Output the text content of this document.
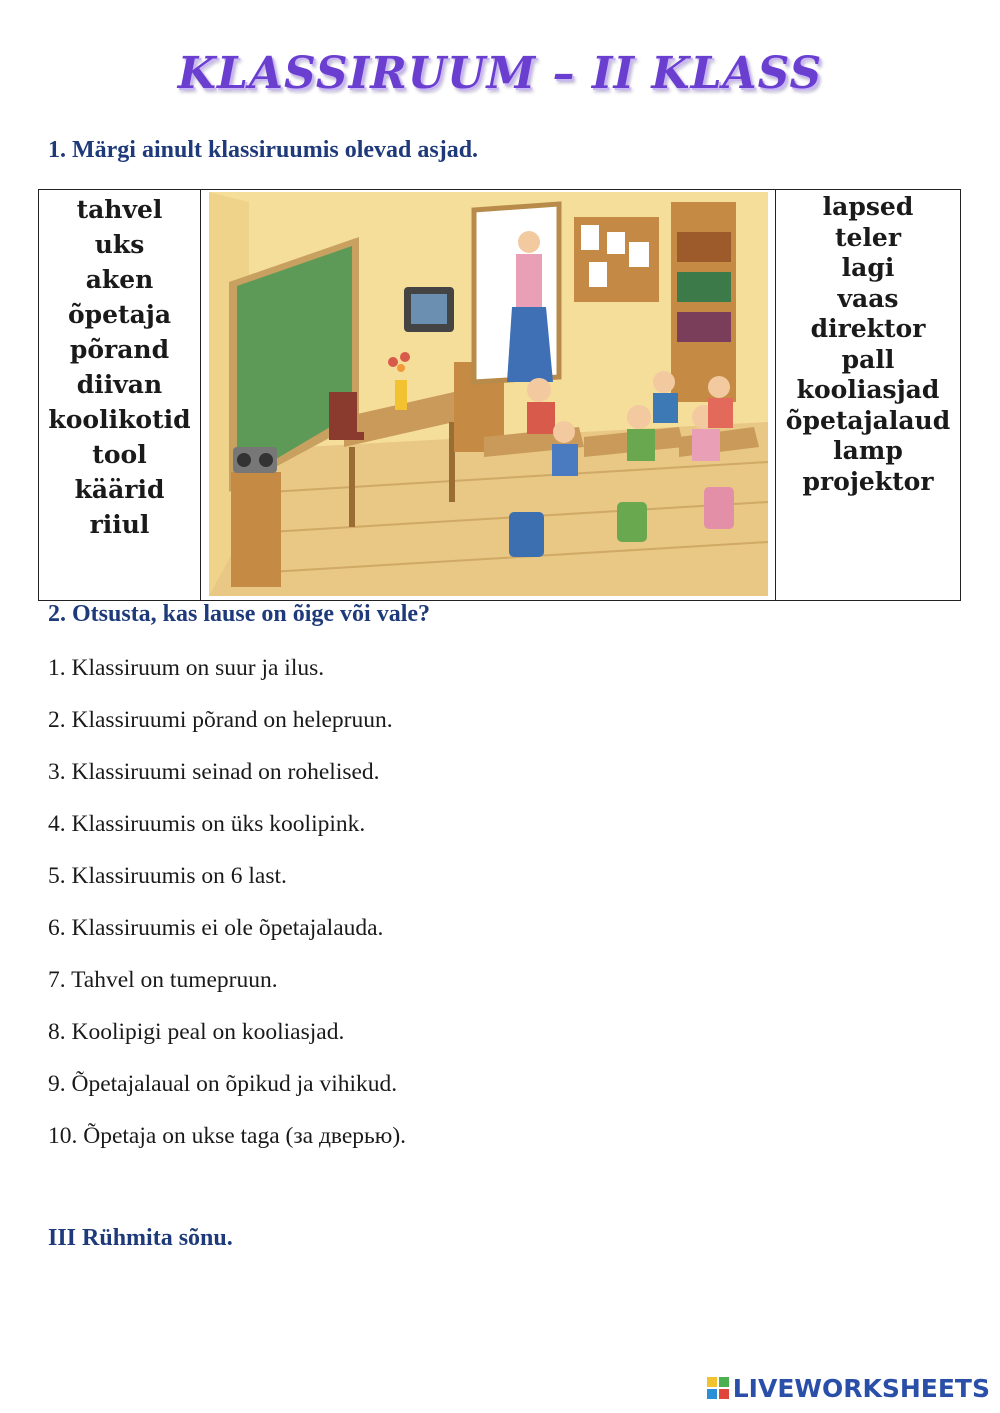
KLASSIRUUM – II KLASS
1. Märgi ainult klassiruumis olevad asjad.
tahvel
uks
aken
õpetaja
põrand
diivan
koolikotid
tool
käärid
riiul
lapsed
teler
lagi
vaas
direktor
pall
kooliasjad
õpetajalaud
lamp
projektor
2. Otsusta, kas lause on õige või vale?
1. Klassiruum on suur ja ilus.
2. Klassiruumi põrand on helepruun.
3. Klassiruumi seinad on rohelised.
4. Klassiruumis on üks koolipink.
5. Klassiruumis on 6 last.
6. Klassiruumis ei ole õpetajalauda.
7. Tahvel on tumepruun.
8. Koolipigi peal on kooliasjad.
9. Õpetajalaual on õpikud ja vihikud.
10. Õpetaja on ukse taga (за дверью).
III Rühmita sõnu.
LIVEWORKSHEETS
